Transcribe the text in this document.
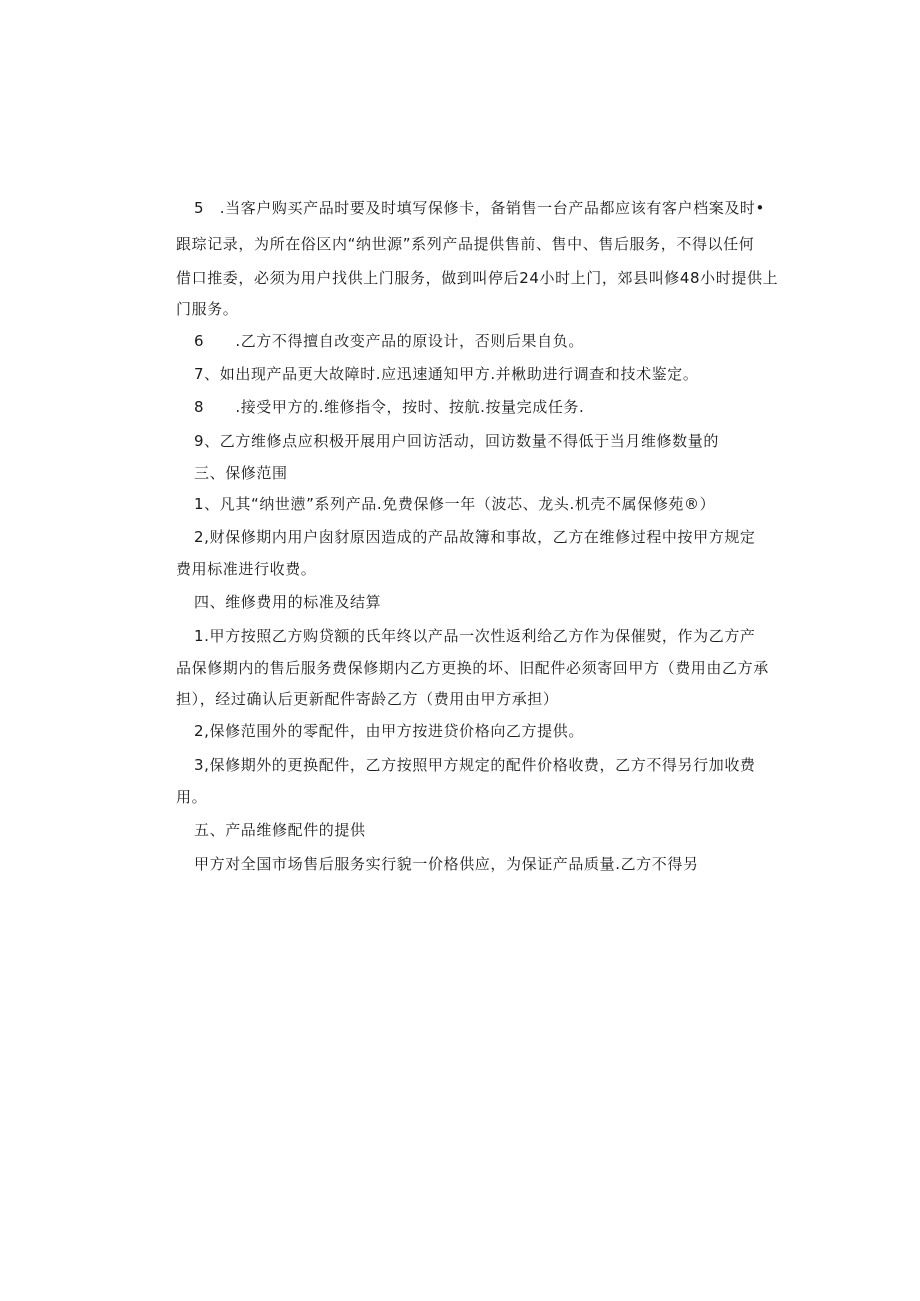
5　.当客户购买产品时要及时填写保修卡，备销售一台产品都应该有客户档案及时•
跟琮记录，为所在俗区内“纳世源”系列产品提供售前、售中、售后服务，不得以任何
借口推委，必须为用户找供上门服务，做到叫停后24小时上门，郊县叫修48小时提供上
门服务。
6　　.乙方不得擅自改变产品的原设计，否则后果自负。
7、如出现产品更大故障时.应迅速通知甲方.并楸助进行调查和技术鉴定。
8　　.接受甲方的.维修指令，按时、按航.按量完成任务.
9、乙方维修点应积极开展用户回访活动，回访数量不得低于当月维修数量的
三、保修范围
1、凡其“纳世懑”系列产品.免费保修一年（波芯、龙头.机壳不属保修苑®）
2,财保修期内用户囱豺原因造成的产品故簿和事故，乙方在维修过程中按甲方规定
费用标准进行收费。
四、维修费用的标准及结算
1.甲方按照乙方购贷额的氏年终以产品一次性返利给乙方作为保催熨，作为乙方产
品保修期内的售后服务费保修期内乙方更换的坏、旧配件必须寄回甲方（费用由乙方承
担），经过确认后更新配件寄龄乙方（费用由甲方承担）
2,保修范围外的零配件，由甲方按进贷价格向乙方提供。
3,保修期外的更换配件，乙方按照甲方规定的配件价格收费，乙方不得另行加收费
用。
五、产品维修配件的提供
甲方对全国市场售后服务实行貌一价格供应，为保证产品质量.乙方不得另
